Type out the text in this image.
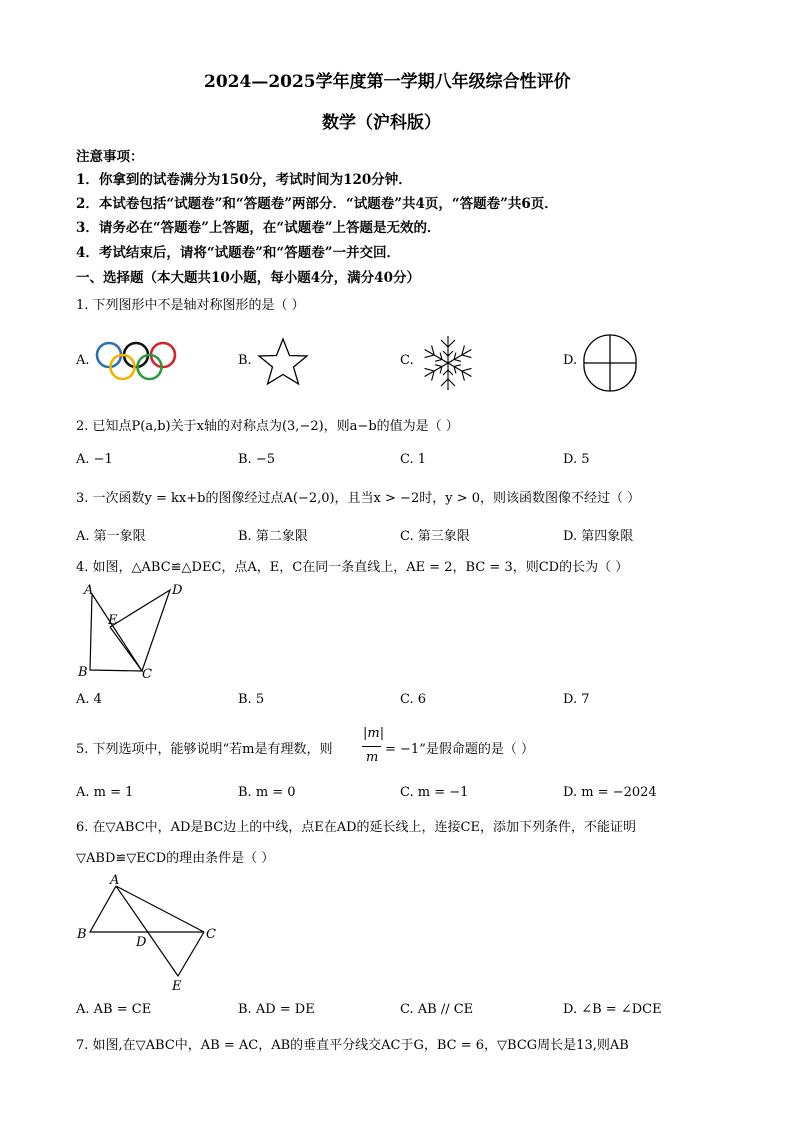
2024—2025学年度第一学期八年级综合性评价
数学（沪科版）
注意事项：
1．你拿到的试卷满分为150分，考试时间为120分钟．
2．本试卷包括“试题卷”和“答题卷”两部分．“试题卷”共4页，“答题卷”共6页．
3．请务必在“答题卷”上答题，在“试题卷”上答题是无效的．
4．考试结束后，请将“试题卷”和“答题卷”一并交回．
一、选择题（本大题共10小题，每小题4分，满分40分）
1. 下列图形中不是轴对称图形的是（ ）
A.	B.	C.	D.
2. 已知点P(a,b)关于x轴的对称点为(3,−2)，则a−b的值为是（ ）
A. −1	B. −5	C. 1	D. 5
3. 一次函数y = kx+b的图像经过点A(−2,0)，且当x > −2时，y > 0，则该函数图像不经过（ ）
A. 第一象限	B. 第二象限	C. 第三象限	D. 第四象限
4. 如图，△ABC≌△DEC，点A，E，C在同一条直线上，AE = 2，BC = 3，则CD的长为（ ）
A	D
E
B	C
A. 4	B. 5	C. 6	D. 7
5. 下列选项中，能够说明“若m是有理数，则
|m|
m
= −1”是假命题的是（ ）
A. m = 1	B. m = 0	C. m = −1	D. m = −2024
6. 在▽ABC中，AD是BC边上的中线，点E在AD的延长线上，连接CE，添加下列条件，不能证明
▽ABD≌▽ECD的理由条件是（ ）
A
B
D
C
E
A. AB = CE	B. AD = DE	C. AB // CE	D. ∠B = ∠DCE
7. 如图,在▽ABC中，AB = AC，AB的垂直平分线交AC于G，BC = 6，▽BCG周长是13,则AB
